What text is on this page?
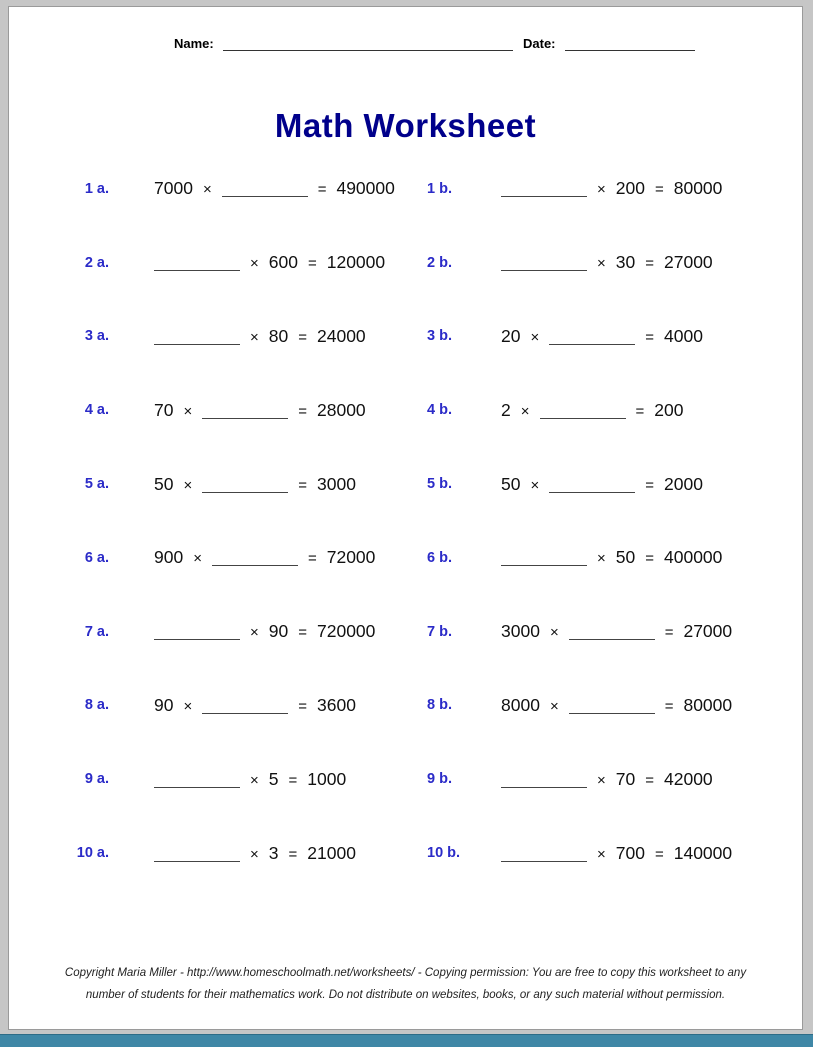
Name:	Date:
Math Worksheet
1 a.	7000 ×	= 490000	1 b.	× 200 = 80000
2 a.	× 600 = 120000	2 b.	× 30 = 27000
3 a.	× 80 = 24000	3 b.	20 ×	= 4000
4 a.	70 ×	= 28000	4 b.	2 ×	= 200
5 a.	50 ×	= 3000	5 b.	50 ×	= 2000
6 a.	900 ×	= 72000	6 b.	× 50 = 400000
7 a.	× 90 = 720000	7 b.	3000 ×	= 27000
8 a.	90 ×	= 3600	8 b.	8000 ×	= 80000
9 a.	× 5 = 1000	9 b.	× 70 = 42000
10 a.	× 3 = 21000	10 b.	× 700 = 140000
Copyright Maria Miller - http://www.homeschoolmath.net/worksheets/ - Copying permission: You are free to copy this worksheet to any
number of students for their mathematics work. Do not distribute on websites, books, or any such material without permission.
